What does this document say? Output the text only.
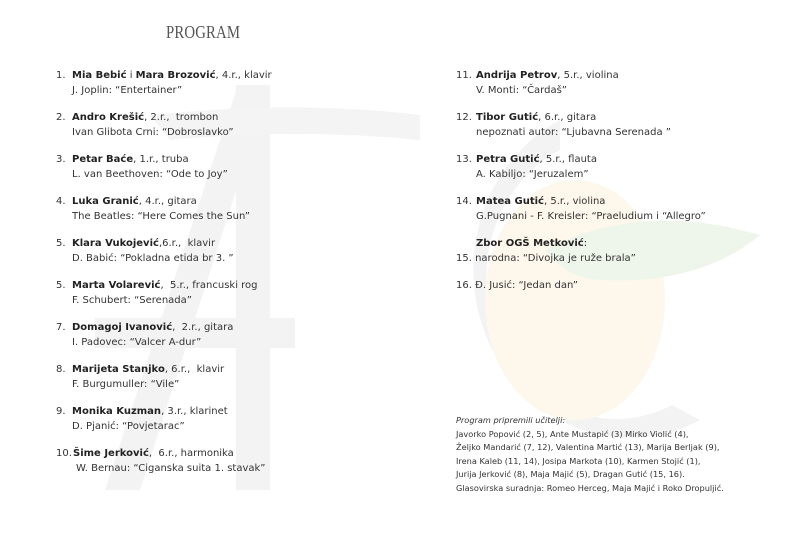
PROGRAM
1. Mia Bebić i Mara Brozović, 4.r., klavir
J. Joplin: “Entertainer”
2. Andro Krešić, 2.r.,  trombon
Ivan Glibota Crni: “Dobroslavko”
3. Petar Baće, 1.r., truba
L. van Beethoven: “Ode to Joy”
4. Luka Granić, 4.r., gitara
The Beatles: “Here Comes the Sun”
5. Klara Vukojević,6.r.,  klavir
D. Babić: “Pokladna etida br 3. ”
5. Marta Volarević,  5.r., francuski rog
F. Schubert: “Serenada”
7. Domagoj Ivanović,  2.r., gitara
I. Padovec: “Valcer A-dur”
8. Marijeta Stanjko, 6.r.,  klavir
F. Burgumuller: “Vile”
9. Monika Kuzman, 3.r., klarinet
D. Pjanić: “Povjetarac”
10. Šime Jerković,  6.r., harmonika
W. Bernau: “Ciganska suita 1. stavak”
11. Andrija Petrov, 5.r., violina
V. Monti: “Čardaš”
12. Tibor Gutić, 6.r., gitara
nepoznati autor: “Ljubavna Serenada ”
13. Petra Gutić, 5.r., flauta
A. Kabiljo: “Jeruzalem”
14. Matea Gutić, 5.r., violina
G.Pugnani - F. Kreisler: “Praeludium i “Allegro”
Zbor OGŠ Metković:
15. narodna: “Divojka je ruže brala”
16. Đ. Jusić: “Jedan dan”
Program pripremili učitelji:
Javorko Popović (2, 5), Ante Mustapić (3) Mirko Violić (4),
Željko Mandarić (7, 12), Valentina Martić (13), Marija Berljak (9),
Irena Kaleb (11, 14), Josipa Markota (10), Karmen Stojić (1),
Jurija Jerković (8), Maja Majić (5), Dragan Gutić (15, 16).
Glasovirska suradnja: Romeo Herceg, Maja Majić i Roko Dropuljić.
